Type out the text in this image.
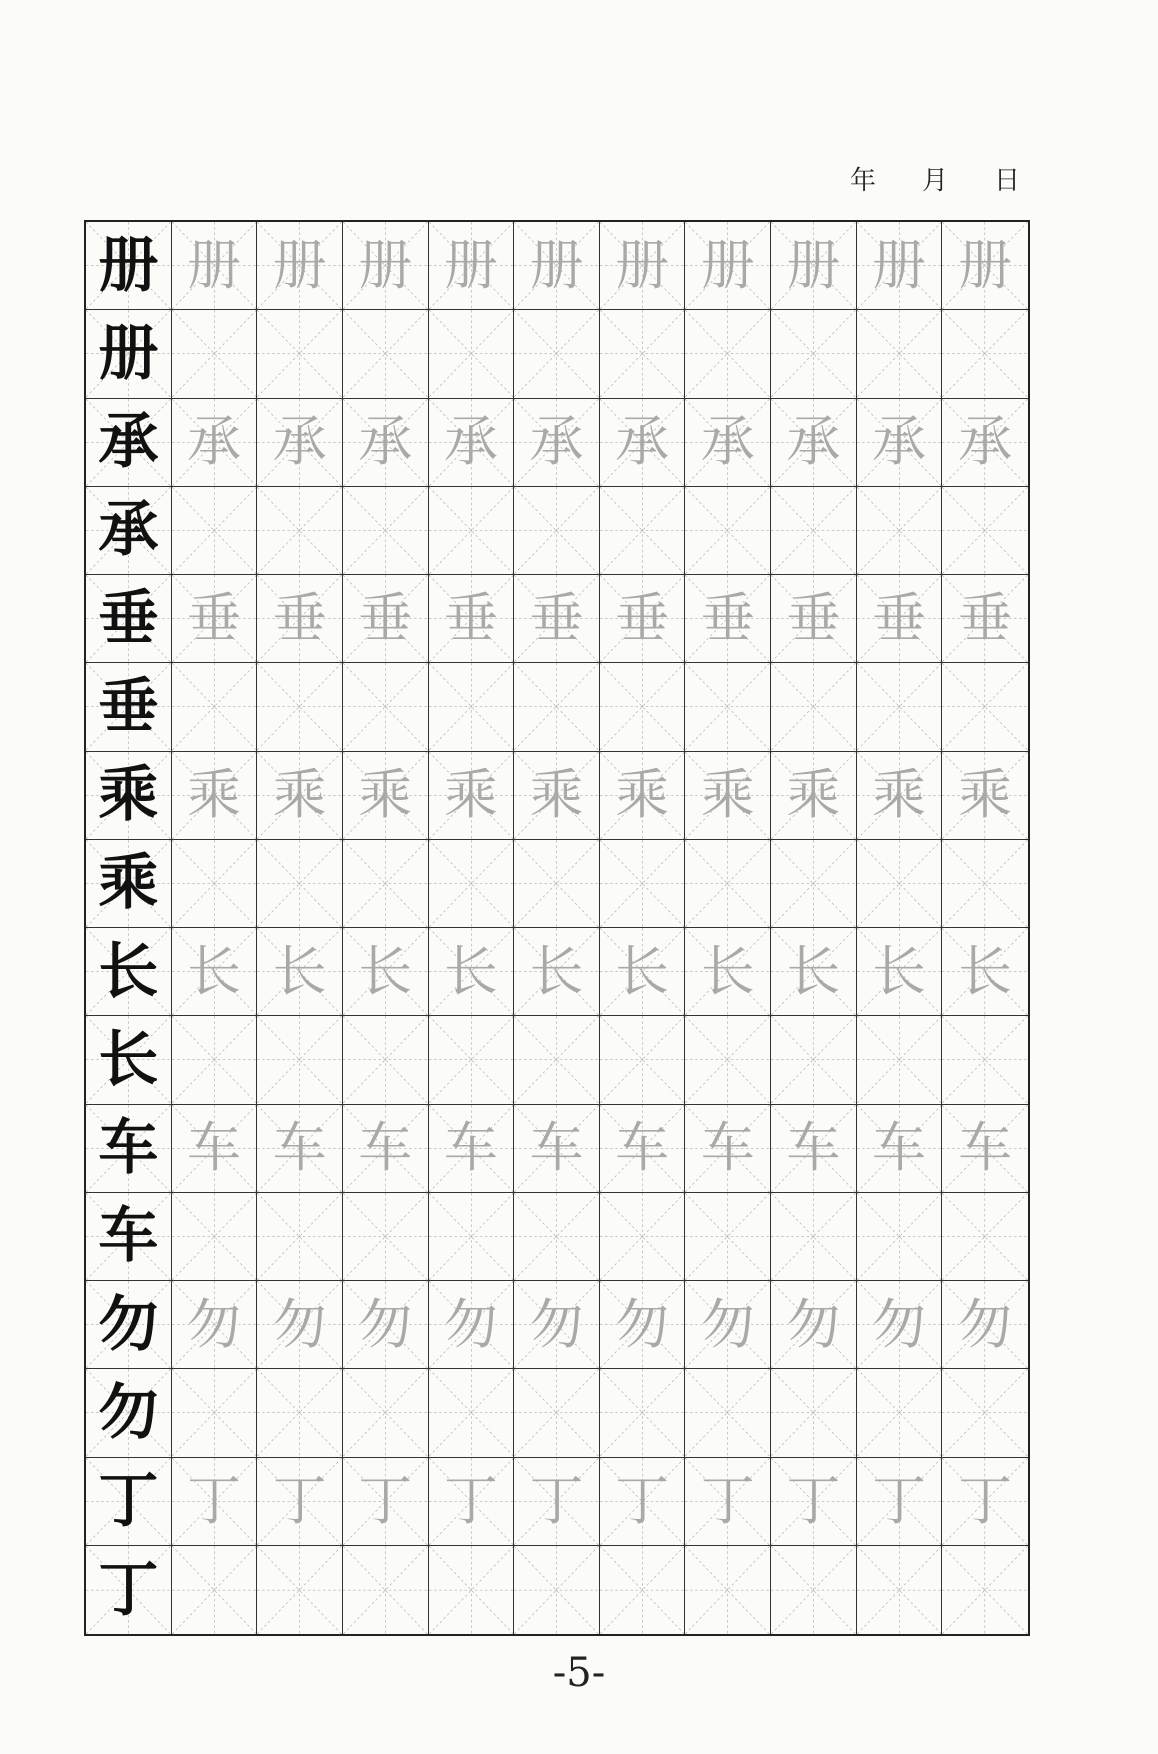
年 月 日
册 册 册 册 册 册 册 册 册 册 册
册
承 承 承 承 承 承 承 承 承 承 承
承
垂 垂 垂 垂 垂 垂 垂 垂 垂 垂 垂
垂
乘 乘 乘 乘 乘 乘 乘 乘 乘 乘 乘
乘
长 长 长 长 长 长 长 长 长 长 长
长
车 车 车 车 车 车 车 车 车 车 车
车
勿 勿 勿 勿 勿 勿 勿 勿 勿 勿 勿
勿
丁 丁 丁 丁 丁 丁 丁 丁 丁 丁 丁
丁
-5-
